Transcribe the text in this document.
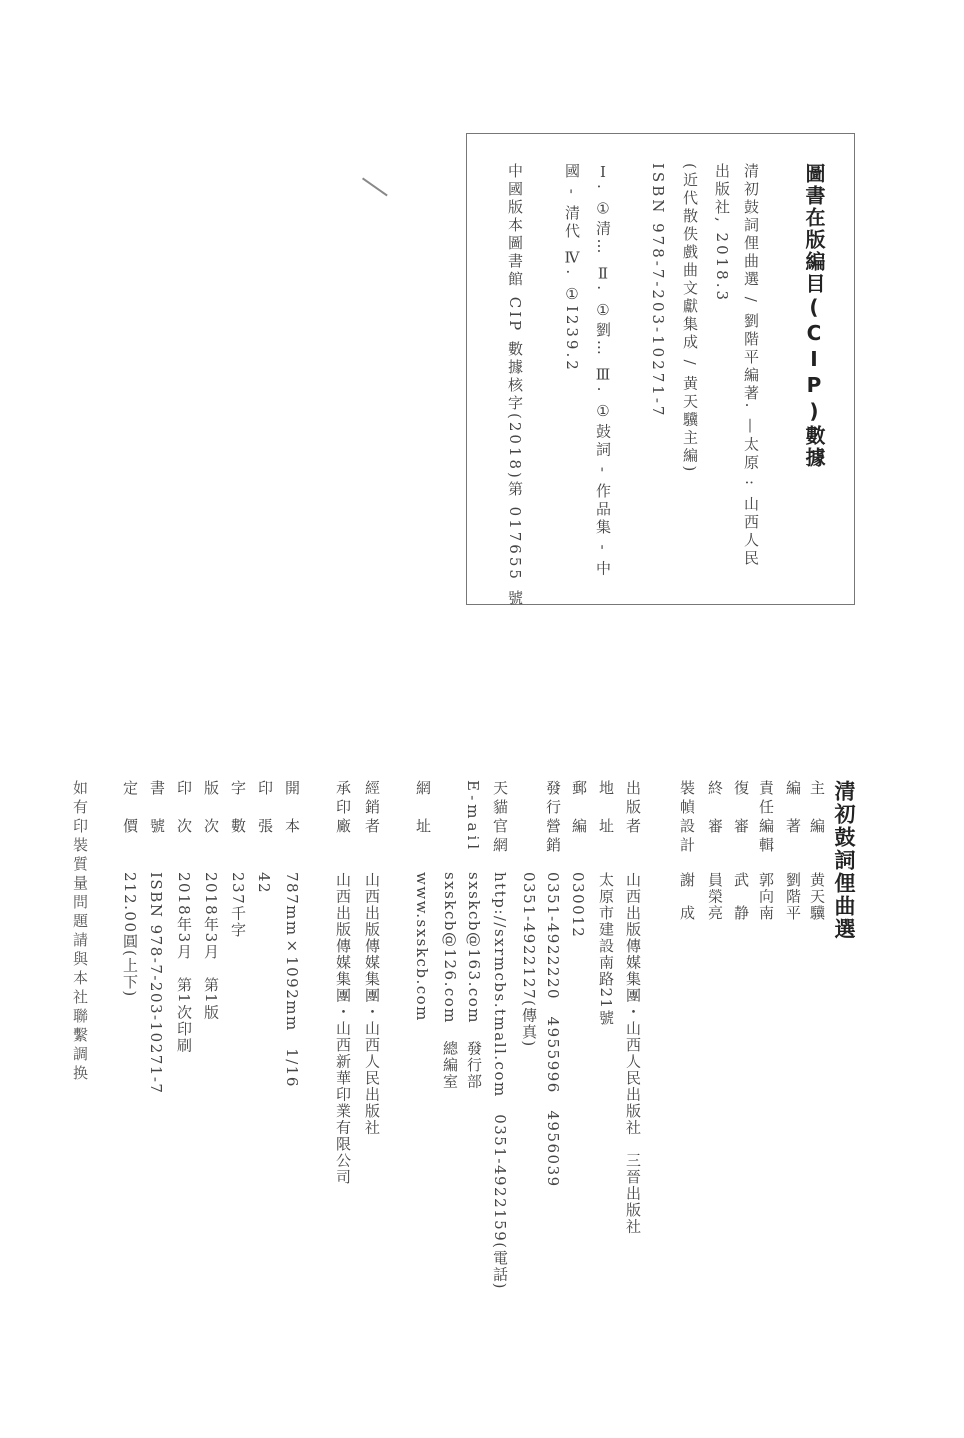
圖書在版編目(CIP)數據
清初鼓詞俚曲選 / 劉階平編著. —太原 : 山西人民
出版社, 2018.3
(近代散佚戲曲文獻集成 / 黄天驥主編)
ISBN 978-7-203-10271-7
Ⅰ. ①清… Ⅱ. ①劉… Ⅲ. ①鼓詞 - 作品集 - 中
國 - 清代 Ⅳ. ①I239.2
中國版本圖書館 CIP 數據核字(2018)第 017655 號
清初鼓詞俚曲選
主　編
黄天驥
編　著
劉階平
責任編輯
郭向南
復　審
武　静
終　審
員榮亮
裝幀設計
謝　成
出版者
山西出版傳媒集團・山西人民出版社　三晉出版社
地　址
太原市建設南路21號
郵　編
030012
發行營銷
0351-4922220　4955996　4956039
0351-4922127(傳真)
天貓官網
http://sxrmcbs.tmall.com　0351-4922159(電話)
E-mail
sxskcb@163.com　發行部
sxskcb@126.com　總編室
網　址
www.sxskcb.com
經銷者
山西出版傳媒集團・山西人民出版社
承印廠
山西出版傳媒集團・山西新華印業有限公司
開　本
787mm×1092mm　1/16
印　張
42
字　數
237千字
版　次
2018年3月　第1版
印　次
2018年3月　第1次印刷
書　號
ISBN 978-7-203-10271-7
定　價
212.00圓(上下)
如有印裝質量問題請與本社聯繫調换
